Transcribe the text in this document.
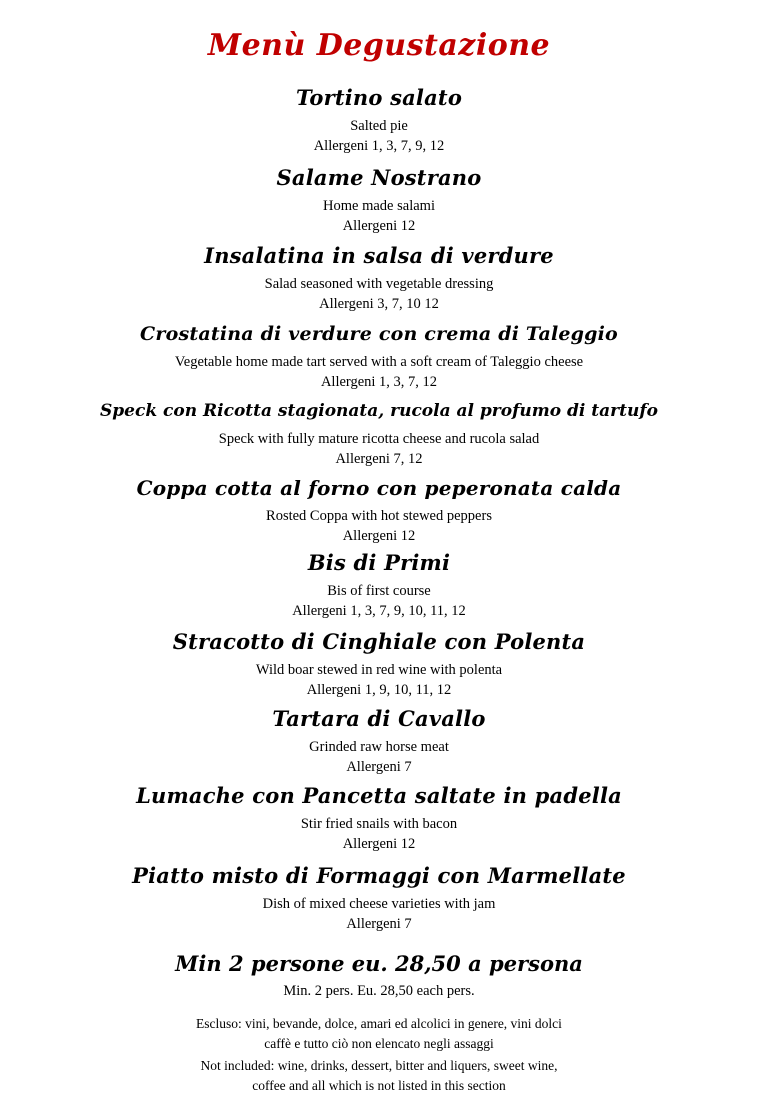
Menù Degustazione
Tortino salato
Salted pie
Allergeni 1, 3, 7, 9, 12
Salame Nostrano
Home made salami
Allergeni 12
Insalatina in salsa di verdure
Salad seasoned with vegetable dressing
Allergeni 3, 7, 10 12
Crostatina di verdure con crema di Taleggio
Vegetable home made tart served with a soft cream of Taleggio cheese
Allergeni 1, 3, 7, 12
Speck con Ricotta stagionata, rucola al profumo di tartufo
Speck with fully mature ricotta cheese and rucola salad
Allergeni 7, 12
Coppa cotta al forno con peperonata calda
Rosted Coppa with hot stewed peppers
Allergeni 12
Bis di Primi
Bis of first course
Allergeni 1, 3, 7, 9, 10, 11, 12
Stracotto di Cinghiale con Polenta
Wild boar stewed in red wine with polenta
Allergeni 1, 9, 10, 11, 12
Tartara di Cavallo
Grinded raw horse meat
Allergeni 7
Lumache con Pancetta saltate in padella
Stir fried snails with bacon
Allergeni 12
Piatto misto di Formaggi con Marmellate
Dish of mixed cheese varieties with jam
Allergeni 7
Min 2 persone eu. 28,50 a persona
Min. 2 pers. Eu. 28,50 each pers.
Escluso: vini, bevande, dolce, amari ed alcolici in genere, vini dolci
caffè e tutto ciò non elencato negli assaggi
Not included: wine, drinks, dessert, bitter and liquers, sweet wine,
coffee and all which is not listed in this section
